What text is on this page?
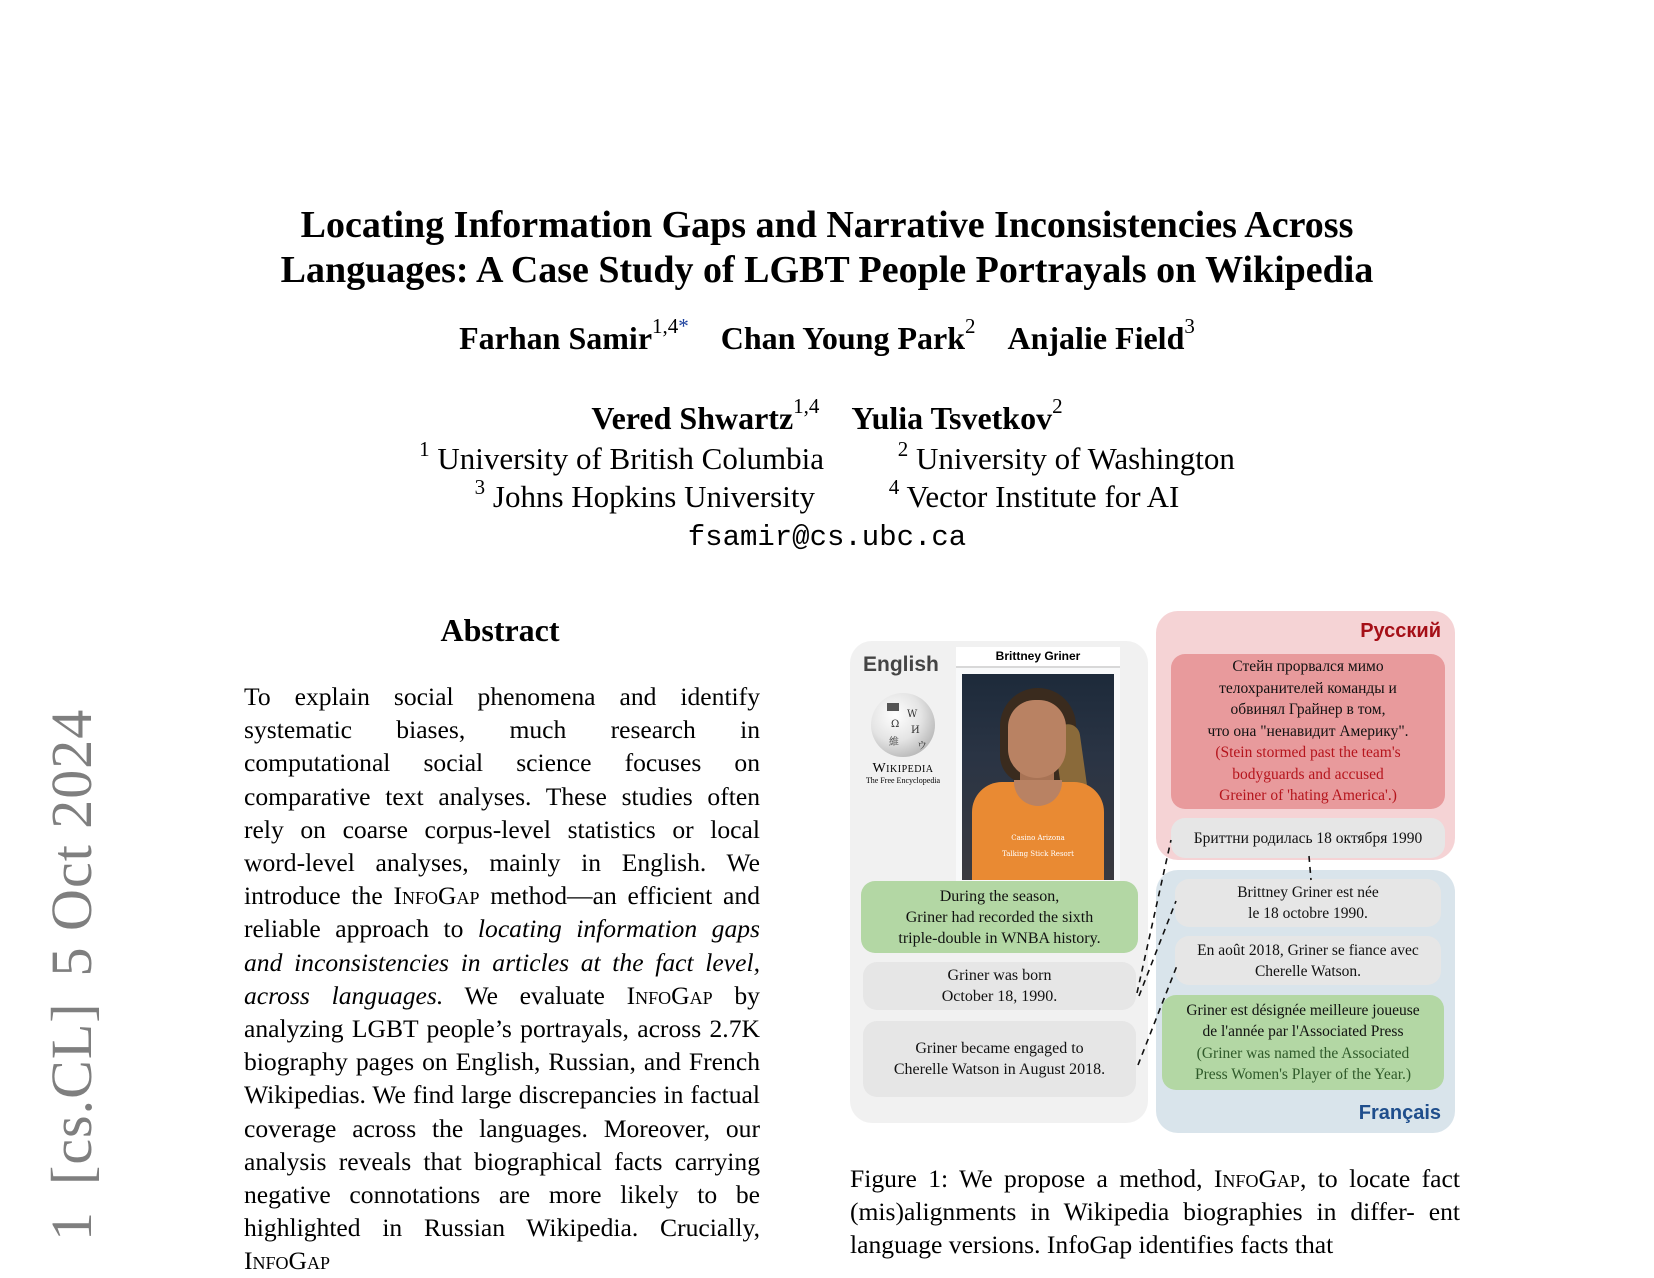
1[cs.CL]5 Oct 2024
Locating Information Gaps and Narrative Inconsistencies Across
Languages: A Case Study of LGBT People Portrayals on Wikipedia
Farhan Samir$^{1,4*}$ Chan Young Park$^2$ Anjalie Field$^3$
Vered Shwartz$^{1,4}$ Yulia Tsvetkov$^2$
$^1$ University of British Columbia	$^2$ University of Washington
$^3$ Johns Hopkins University	$^4$ Vector Institute for AI
fsamir@cs.ubc.ca
Abstract
To explain social phenomena and identify systematic biases, much research in computational social science focuses on comparative text analyses. These studies often rely on coarse corpus-level statistics or local word-level analyses, mainly in English. We introduce the InfoGap method—an efficient and reliable approach to locating information gaps and inconsistencies in articles at the fact level, across languages. We evaluate InfoGap by analyzing LGBT people’s portrayals, across 2.7K biography pages on English, Russian, and French Wikipedias. We find large discrepancies in factual coverage across the languages. Moreover, our analysis reveals that biographical facts carrying negative connotations are more likely to be highlighted in Russian Wikipedia. Crucially, InfoGap
English
Ω
W
И
維 ウ
Wikipedia
The Free Encyclopedia
Brittney Griner
Casino Arizona
Talking Stick Resort
During the season,
Griner had recorded the sixth
triple-double in WNBA history.
Griner was born
October 18, 1990.
Griner became engaged to
Cherelle Watson in August 2018.
Русский
Стейн прорвался мимо
телохранителей команды и
обвинял Грайнер в том,
что она "ненавидит Америку".
(Stein stormed past the team's
bodyguards and accused
Greiner of 'hating America'.)
Бриттни родилась 18 октября 1990
Brittney Griner est née
le 18 octobre 1990.
En août 2018, Griner se fiance avec
Cherelle Watson.
Griner est désignée meilleure joueuse
de l'année par l'Associated Press
(Griner was named the Associated
Press Women's Player of the Year.)
Français
Figure 1: We propose a method, InfoGap, to locate fact (mis)alignments in Wikipedia biographies in differ- ent language versions. InfoGap identifies facts that
